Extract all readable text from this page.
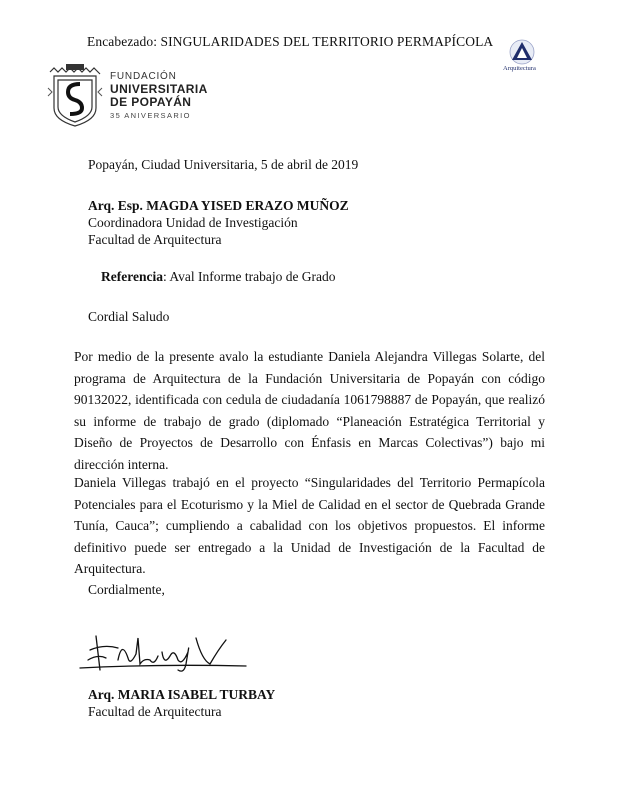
Encabezado: SINGULARIDADES DEL TERRITORIO PERMAPÍCOLA
FUNDACIÓN
UNIVERSITARIA
DE POPAYÁN
35 ANIVERSARIO
Arquitectura
Popayán, Ciudad Universitaria, 5 de abril de 2019
Arq. Esp. MAGDA YISED ERAZO MUÑOZ
Coordinadora Unidad de Investigación
Facultad de Arquitectura
Referencia: Aval Informe trabajo de Grado
Cordial Saludo
Por medio de la presente avalo la estudiante Daniela Alejandra Villegas Solarte, del programa de Arquitectura de la Fundación Universitaria de Popayán con código 90132022, identificada con cedula de ciudadanía 1061798887 de Popayán, que realizó su informe de trabajo de grado (diplomado “Planeación Estratégica Territorial y Diseño de Proyectos de Desarrollo con Énfasis en Marcas Colectivas”) bajo mi dirección interna.
Daniela Villegas trabajó en el proyecto “Singularidades del Territorio Permapícola Potenciales para el Ecoturismo y la Miel de Calidad en el sector de Quebrada Grande Tunía, Cauca”; cumpliendo a cabalidad con los objetivos propuestos. El informe definitivo puede ser entregado a la Unidad de Investigación de la Facultad de Arquitectura.
Cordialmente,
Arq. MARIA ISABEL TURBAY
Facultad de Arquitectura
